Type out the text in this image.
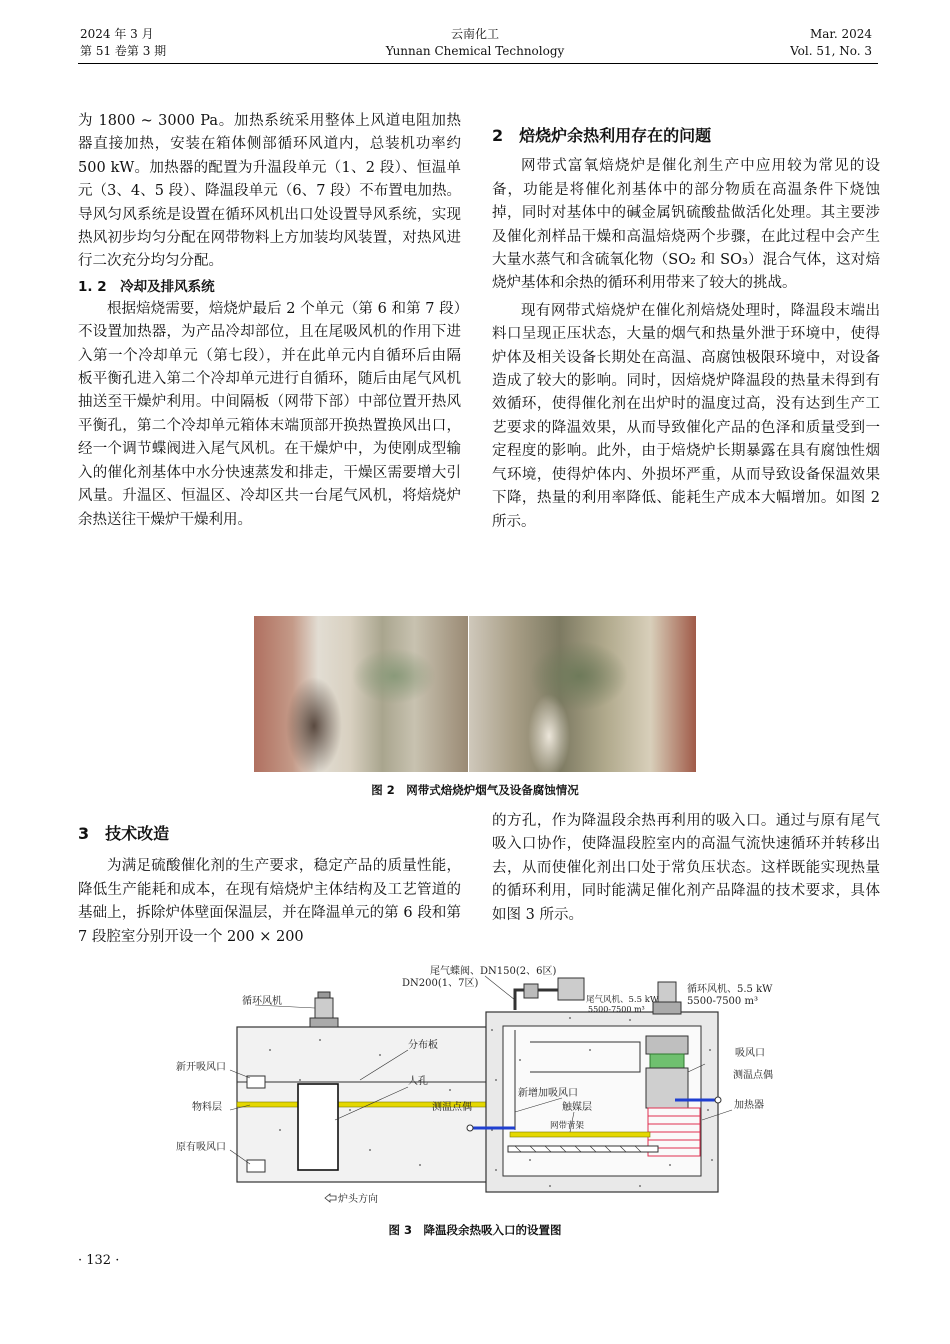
2024 年 3 月
第 51 卷第 3 期
云南化工
Yunnan Chemical Technology
Mar. 2024
Vol. 51, No. 3

为 1800 ~ 3000 Pa。加热系统采用整体上风道电阻加热器直接加热，安装在箱体侧部循环风道内，总装机功率约 500 kW。加热器的配置为升温段单元（1、2 段）、恒温单元（3、4、5 段）、降温段单元（6、7 段）不布置电加热。导风匀风系统是设置在循环风机出口处设置导风系统，实现热风初步均匀分配在网带物料上方加装均风装置，对热风进行二次充分均匀分配。

1. 2　冷却及排风系统

根据焙烧需要，焙烧炉最后 2 个单元（第 6 和第 7 段）不设置加热器，为产品冷却部位，且在尾吸风机的作用下进入第一个冷却单元（第七段），并在此单元内自循环后由隔板平衡孔进入第二个冷却单元进行自循环，随后由尾气风机抽送至干燥炉利用。中间隔板（网带下部）中部位置开热风平衡孔，第二个冷却单元箱体末端顶部开换热置换风出口，经一个调节蝶阀进入尾气风机。在干燥炉中，为使刚成型输入的催化剂基体中水分快速蒸发和排走，干燥区需要增大引风量。升温区、恒温区、冷却区共一台尾气风机，将焙烧炉余热送往干燥炉干燥利用。

2　焙烧炉余热利用存在的问题

网带式富氧焙烧炉是催化剂生产中应用较为常见的设备，功能是将催化剂基体中的部分物质在高温条件下烧蚀掉，同时对基体中的碱金属钒硫酸盐做活化处理。其主要涉及催化剂样品干燥和高温焙烧两个步骤，在此过程中会产生大量水蒸气和含硫氧化物（SO₂ 和 SO₃）混合气体，这对焙烧炉基体和余热的循环利用带来了较大的挑战。

现有网带式焙烧炉在催化剂焙烧处理时，降温段末端出料口呈现正压状态，大量的烟气和热量外泄于环境中，使得炉体及相关设备长期处在高温、高腐蚀极限环境中，对设备造成了较大的影响。同时，因焙烧炉降温段的热量未得到有效循环，使得催化剂在出炉时的温度过高，没有达到生产工艺要求的降温效果，从而导致催化产品的色泽和质量受到一定程度的影响。此外，由于焙烧炉长期暴露在具有腐蚀性烟气环境，使得炉体内、外损坏严重，从而导致设备保温效果下降，热量的利用率降低、能耗生产成本大幅增加。如图 2 所示。

图 2　网带式焙烧炉烟气及设备腐蚀情况

3　技术改造

为满足硫酸催化剂的生产要求，稳定产品的质量性能，降低生产能耗和成本，在现有焙烧炉主体结构及工艺管道的基础上，拆除炉体壁面保温层，并在降温单元的第 6 段和第 7 段腔室分别开设一个 200 × 200

的方孔，作为降温段余热再利用的吸入口。通过与原有尾气吸入口协作，使降温段腔室内的高温气流快速循环并转移出去，从而使催化剂出口处于常负压状态。这样既能实现热量的循环利用，同时能满足催化剂产品降温的技术要求，具体如图 3 所示。

循环风机
新开吸风口
物料层
原有吸风口
分布板
人孔
炉头方向
尾气蝶阀、DN150(2、6区)
DN200(1、7区)
尾气风机、5.5 kW
5500-7500 m³
循环风机、5.5 kW
5500-7500 m³
吸风口
测温点偶
加热器
测温点偶
新增加吸风口
触媒层
网带背架
图 3　降温段余热吸入口的设置图
· 132 ·
